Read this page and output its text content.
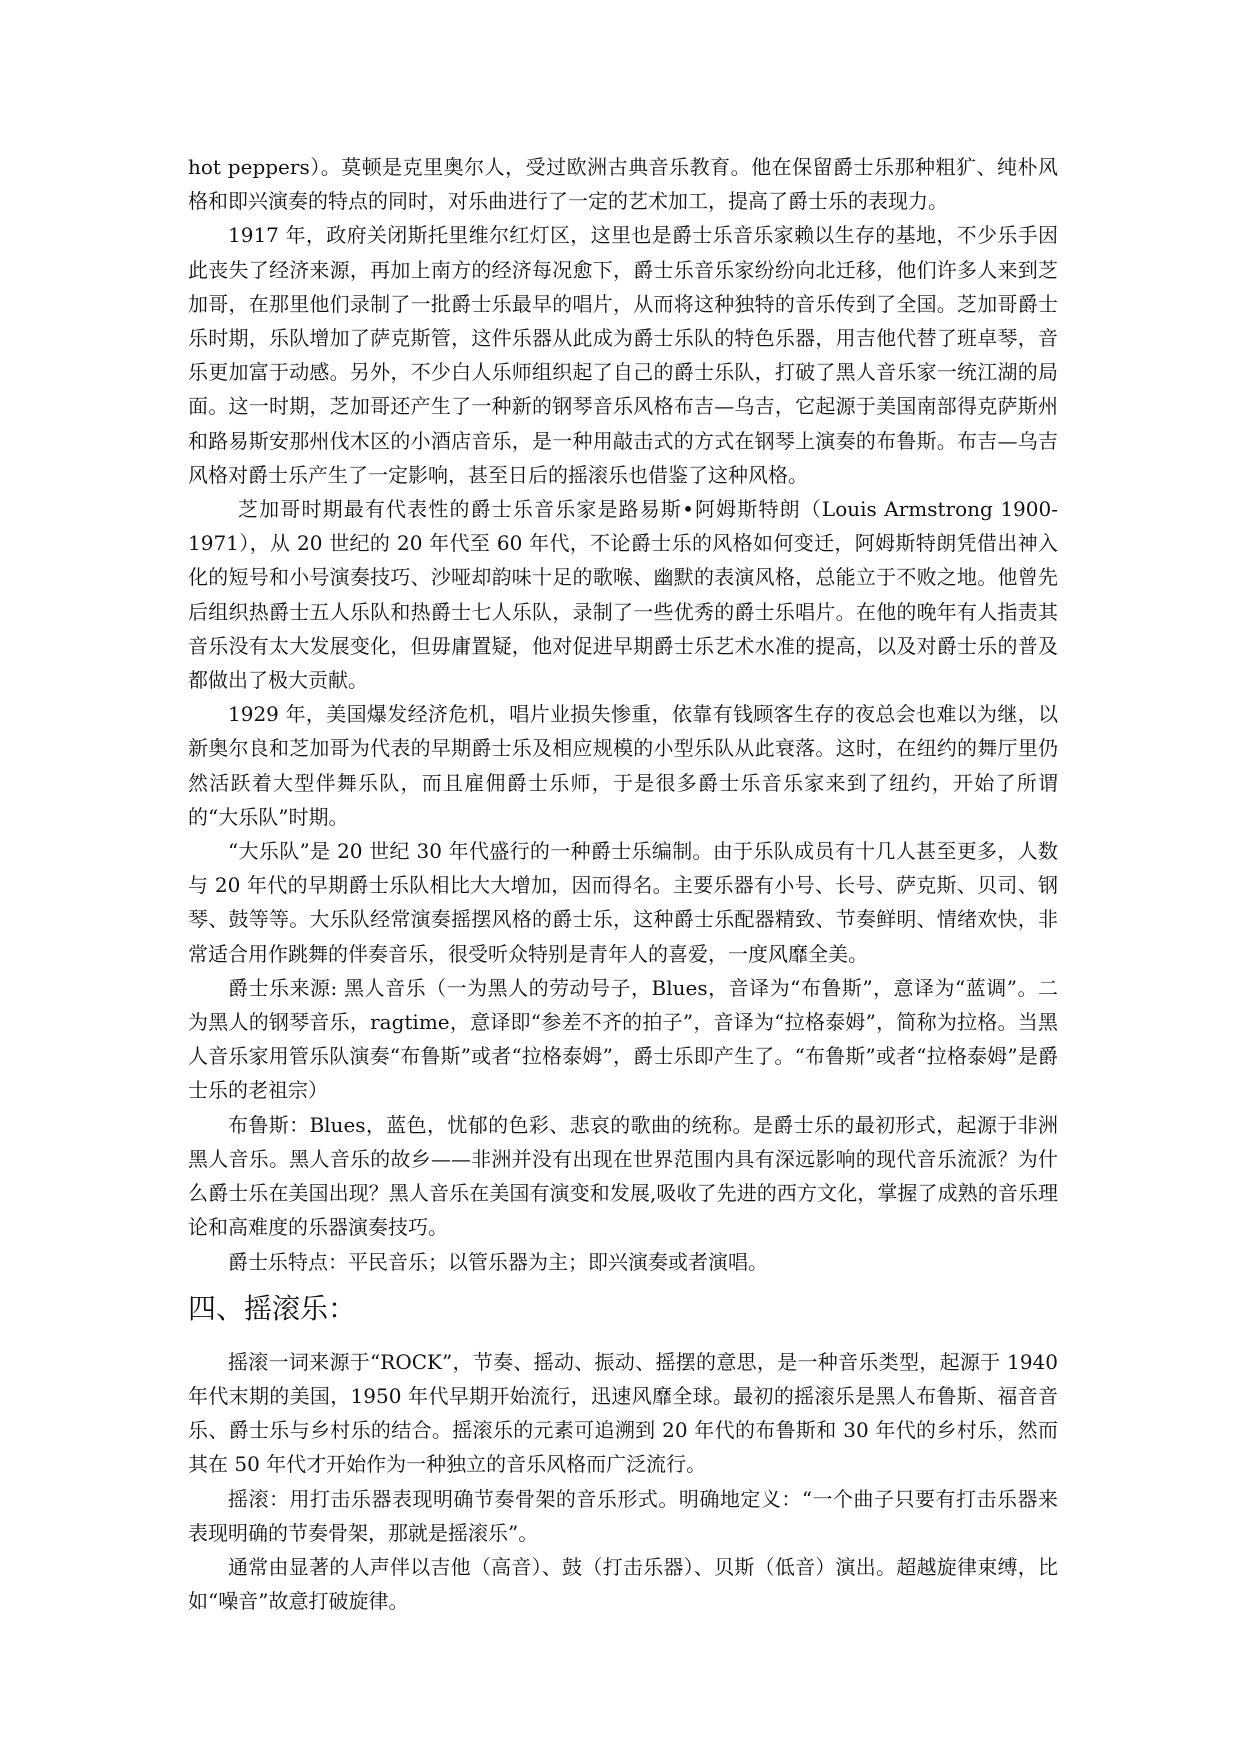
hot peppers）。莫顿是克里奥尔人，受过欧洲古典音乐教育。他在保留爵士乐那种粗犷、纯朴风格和即兴演奏的特点的同时，对乐曲进行了一定的艺术加工，提高了爵士乐的表现力。

1917 年，政府关闭斯托里维尔红灯区，这里也是爵士乐音乐家赖以生存的基地，不少乐手因此丧失了经济来源，再加上南方的经济每况愈下，爵士乐音乐家纷纷向北迁移，他们许多人来到芝加哥，在那里他们录制了一批爵士乐最早的唱片，从而将这种独特的音乐传到了全国。芝加哥爵士乐时期，乐队增加了萨克斯管，这件乐器从此成为爵士乐队的特色乐器，用吉他代替了班卓琴，音乐更加富于动感。另外，不少白人乐师组织起了自己的爵士乐队，打破了黑人音乐家一统江湖的局面。这一时期，芝加哥还产生了一种新的钢琴音乐风格布吉—乌吉，它起源于美国南部得克萨斯州和路易斯安那州伐木区的小酒店音乐，是一种用敲击式的方式在钢琴上演奏的布鲁斯。布吉—乌吉风格对爵士乐产生了一定影响，甚至日后的摇滚乐也借鉴了这种风格。

芝加哥时期最有代表性的爵士乐音乐家是路易斯•阿姆斯特朗（Louis Armstrong 1900-1971），从 20 世纪的 20 年代至 60 年代，不论爵士乐的风格如何变迁，阿姆斯特朗凭借出神入化的短号和小号演奏技巧、沙哑却韵味十足的歌喉、幽默的表演风格，总能立于不败之地。他曾先后组织热爵士五人乐队和热爵士七人乐队，录制了一些优秀的爵士乐唱片。在他的晚年有人指责其音乐没有太大发展变化，但毋庸置疑，他对促进早期爵士乐艺术水准的提高，以及对爵士乐的普及都做出了极大贡献。

1929 年，美国爆发经济危机，唱片业损失惨重，依靠有钱顾客生存的夜总会也难以为继，以新奥尔良和芝加哥为代表的早期爵士乐及相应规模的小型乐队从此衰落。这时，在纽约的舞厅里仍然活跃着大型伴舞乐队，而且雇佣爵士乐师，于是很多爵士乐音乐家来到了纽约，开始了所谓的“大乐队”时期。

“大乐队”是 20 世纪 30 年代盛行的一种爵士乐编制。由于乐队成员有十几人甚至更多，人数与 20 年代的早期爵士乐队相比大大增加，因而得名。主要乐器有小号、长号、萨克斯、贝司、钢琴、鼓等等。大乐队经常演奏摇摆风格的爵士乐，这种爵士乐配器精致、节奏鲜明、情绪欢快，非常适合用作跳舞的伴奏音乐，很受听众特别是青年人的喜爱，一度风靡全美。

爵士乐来源: 黑人音乐（一为黑人的劳动号子，Blues，音译为“布鲁斯”，意译为“蓝调”。二为黑人的钢琴音乐，ragtime，意译即“参差不齐的拍子”，音译为“拉格泰姆”，简称为拉格。当黑人音乐家用管乐队演奏“布鲁斯”或者“拉格泰姆”，爵士乐即产生了。“布鲁斯”或者“拉格泰姆”是爵士乐的老祖宗）

布鲁斯：Blues，蓝色，忧郁的色彩、悲哀的歌曲的统称。是爵士乐的最初形式，起源于非洲黑人音乐。黑人音乐的故乡——非洲并没有出现在世界范围内具有深远影响的现代音乐流派？为什么爵士乐在美国出现？黑人音乐在美国有演变和发展,吸收了先进的西方文化，掌握了成熟的音乐理论和高难度的乐器演奏技巧。

爵士乐特点：平民音乐；以管乐器为主；即兴演奏或者演唱。

四、摇滚乐：

摇滚一词来源于“ROCK”，节奏、摇动、振动、摇摆的意思，是一种音乐类型，起源于 1940 年代末期的美国，1950 年代早期开始流行，迅速风靡全球。最初的摇滚乐是黑人布鲁斯、福音音乐、爵士乐与乡村乐的结合。摇滚乐的元素可追溯到 20 年代的布鲁斯和 30 年代的乡村乐，然而其在 50 年代才开始作为一种独立的音乐风格而广泛流行。

摇滚：用打击乐器表现明确节奏骨架的音乐形式。明确地定义：“一个曲子只要有打击乐器来表现明确的节奏骨架，那就是摇滚乐”。

通常由显著的人声伴以吉他（高音）、鼓（打击乐器）、贝斯（低音）演出。超越旋律束缚，比如“噪音”故意打破旋律。
